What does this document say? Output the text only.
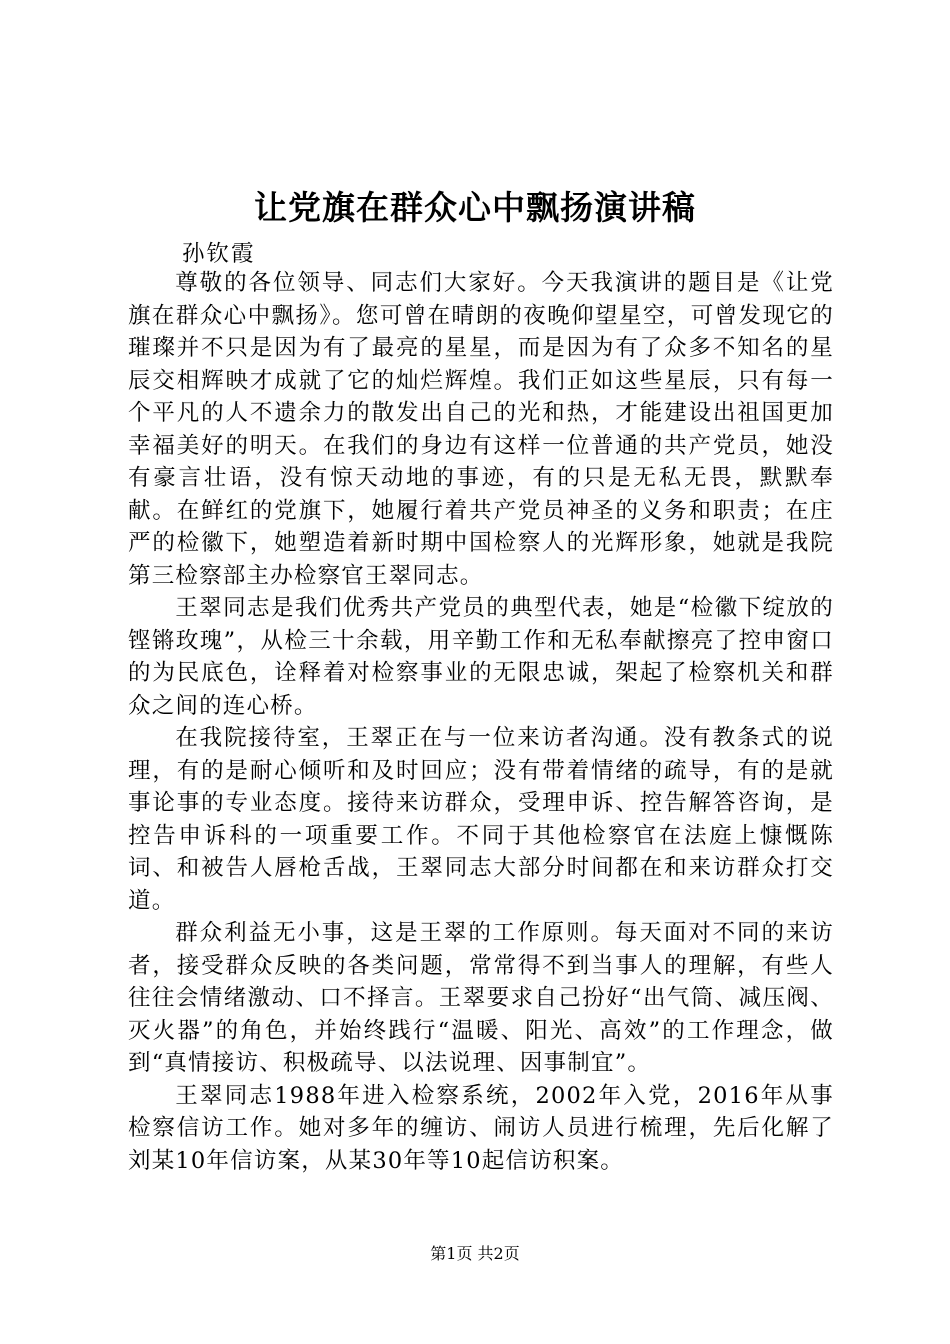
让党旗在群众心中飘扬演讲稿
孙钦霞

尊敬的各位领导、同志们大家好。今天我演讲的题目是《让党旗在群众心中飘扬》。您可曾在晴朗的夜晚仰望星空，可曾发现它的璀璨并不只是因为有了最亮的星星，而是因为有了众多不知名的星辰交相辉映才成就了它的灿烂辉煌。我们正如这些星辰，只有每一个平凡的人不遗余力的散发出自己的光和热，才能建设出祖国更加幸福美好的明天。在我们的身边有这样一位普通的共产党员，她没有豪言壮语，没有惊天动地的事迹，有的只是无私无畏，默默奉献。在鲜红的党旗下，她履行着共产党员神圣的义务和职责；在庄严的检徽下，她塑造着新时期中国检察人的光辉形象，她就是我院第三检察部主办检察官王翠同志。

王翠同志是我们优秀共产党员的典型代表，她是“检徽下绽放的铿锵玫瑰”，从检三十余载，用辛勤工作和无私奉献擦亮了控申窗口的为民底色，诠释着对检察事业的无限忠诚，架起了检察机关和群众之间的连心桥。

在我院接待室，王翠正在与一位来访者沟通。没有教条式的说理，有的是耐心倾听和及时回应；没有带着情绪的疏导，有的是就事论事的专业态度。接待来访群众，受理申诉、控告解答咨询，是控告申诉科的一项重要工作。不同于其他检察官在法庭上慷慨陈词、和被告人唇枪舌战，王翠同志大部分时间都在和来访群众打交道。

群众利益无小事，这是王翠的工作原则。每天面对不同的来访者，接受群众反映的各类问题，常常得不到当事人的理解，有些人往往会情绪激动、口不择言。王翠要求自己扮好“出气筒、减压阀、灭火器”的角色，并始终践行“温暖、阳光、高效”的工作理念，做到“真情接访、积极疏导、以法说理、因事制宜”。

王翠同志1988年进入检察系统，2002年入党，2016年从事检察信访工作。她对多年的缠访、闹访人员进行梳理，先后化解了刘某10年信访案，从某30年等10起信访积案。

第1页 共2页
